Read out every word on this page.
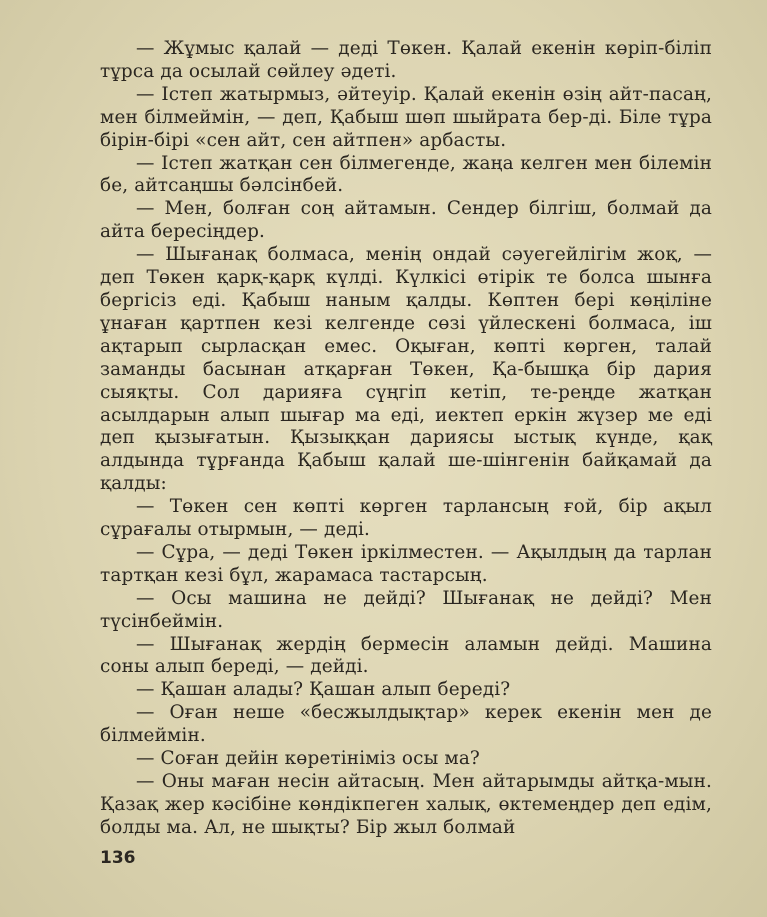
— Жұмыс қалай — деді Төкен. Қалай екенін көріп-біліп тұрса да осылай сөйлеу әдеті.

— Істеп жатырмыз, әйтеуір. Қалай екенін өзің айт-пасаң, мен білмеймін, — деп, Қабыш шөп шыйрата бер-ді. Біле тұра бірін-бірі «сен айт, сен айтпен» арбасты.

— Істеп жатқан сен білмегенде, жаңа келген мен білемін бе, айтсаңшы бәлсінбей.

— Мен, болған соң айтамын. Сендер білгіш, болмай да айта бересіңдер.

— Шығанақ болмаса, менің ондай сәуегейлігім жоқ, — деп Төкен қарқ-қарқ күлді. Күлкісі өтірік те болса шынға бергісіз еді. Қабыш наным қалды. Көптен бері көңіліне ұнаған қартпен кезі келгенде сөзі үйлескені болмаса, іш ақтарып сырласқан емес. Оқыған, көпті көрген, талай заманды басынан атқарған Төкен, Қа-бышқа бір дария сыяқты. Сол дарияға сүңгіп кетіп, те-реңде жатқан асылдарын алып шығар ма еді, иектеп еркін жүзер ме еді деп қызығатын. Қызыққан дариясы ыстық күнде, қақ алдында тұрғанда Қабыш қалай ше-шінгенін байқамай да қалды:

— Төкен сен көпті көрген тарлансың ғой, бір ақыл сұрағалы отырмын, — деді.

— Сұра, — деді Төкен іркілместен. — Ақылдың да тарлан тартқан кезі бұл, жарамаса тастарсың.

— Осы машина не дейді? Шығанақ не дейді? Мен түсінбеймін.

— Шығанақ жердің бермесін аламын дейді. Машина соны алып береді, — дейді.

— Қашан алады? Қашан алып береді?

— Оған неше «бесжылдықтар» керек екенін мен де білмеймін.

— Соған дейін көретініміз осы ма?

— Оны маған несін айтасың. Мен айтарымды айтқа-мын. Қазақ жер кәсібіне көндікпеген халық, өктемеңдер деп едім, болды ма. Ал, не шықты? Бір жыл болмай

136
